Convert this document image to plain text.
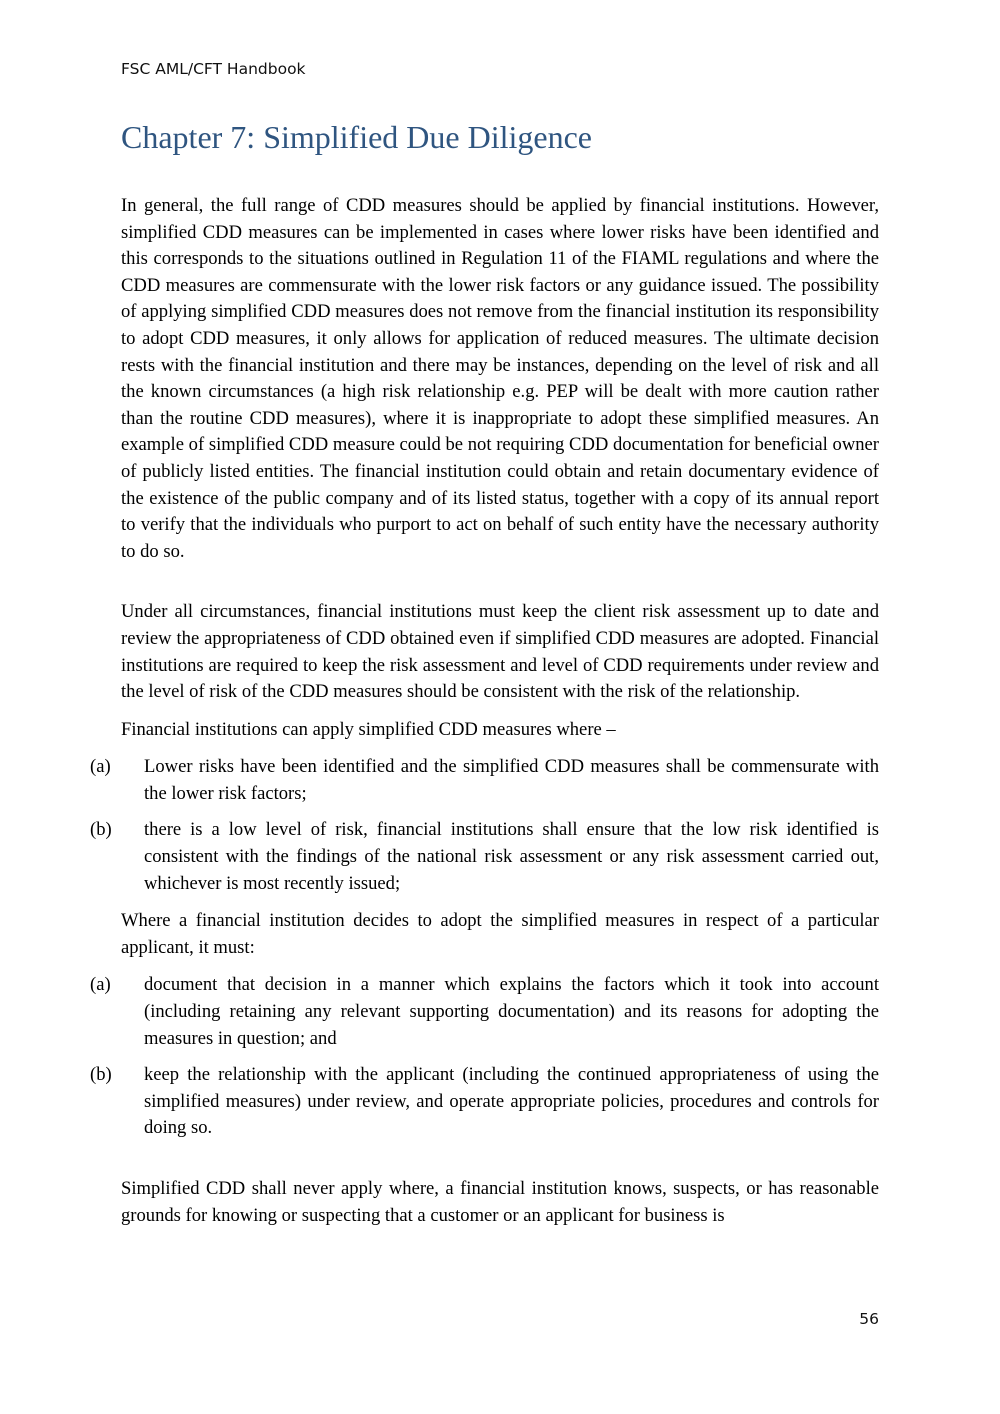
FSC AML/CFT Handbook
Chapter 7: Simplified Due Diligence

In general, the full range of CDD measures should be applied by financial institutions. However, simplified CDD measures can be implemented in cases where lower risks have been identified and this corresponds to the situations outlined in Regulation 11 of the FIAML regulations and where the CDD measures are commensurate with the lower risk factors or any guidance issued. The possibility of applying simplified CDD measures does not remove from the financial institution its responsibility to adopt CDD measures, it only allows for application of reduced measures. The ultimate decision rests with the financial institution and there may be instances, depending on the level of risk and all the known circumstances (a high risk relationship e.g. PEP will be dealt with more caution rather than the routine CDD measures), where it is inappropriate to adopt these simplified measures. An example of simplified CDD measure could be not requiring CDD documentation for beneficial owner of publicly listed entities. The financial institution could obtain and retain documentary evidence of the existence of the public company and of its listed status, together with a copy of its annual report to verify that the individuals who purport to act on behalf of such entity have the necessary authority to do so.

Under all circumstances, financial institutions must keep the client risk assessment up to date and review the appropriateness of CDD obtained even if simplified CDD measures are adopted. Financial institutions are required to keep the risk assessment and level of CDD requirements under review and the level of risk of the CDD measures should be consistent with the risk of the relationship.

Financial institutions can apply simplified CDD measures where –

(a) Lower risks have been identified and the simplified CDD measures shall be commensurate with the lower risk factors;
(b) there is a low level of risk, financial institutions shall ensure that the low risk identified is consistent with the findings of the national risk assessment or any risk assessment carried out, whichever is most recently issued;

Where a financial institution decides to adopt the simplified measures in respect of a particular applicant, it must:

(a) document that decision in a manner which explains the factors which it took into account (including retaining any relevant supporting documentation) and its reasons for adopting the measures in question; and
(b) keep the relationship with the applicant (including the continued appropriateness of using the simplified measures) under review, and operate appropriate policies, procedures and controls for doing so.

Simplified CDD shall never apply where, a financial institution knows, suspects, or has reasonable grounds for knowing or suspecting that a customer or an applicant for business is

56
